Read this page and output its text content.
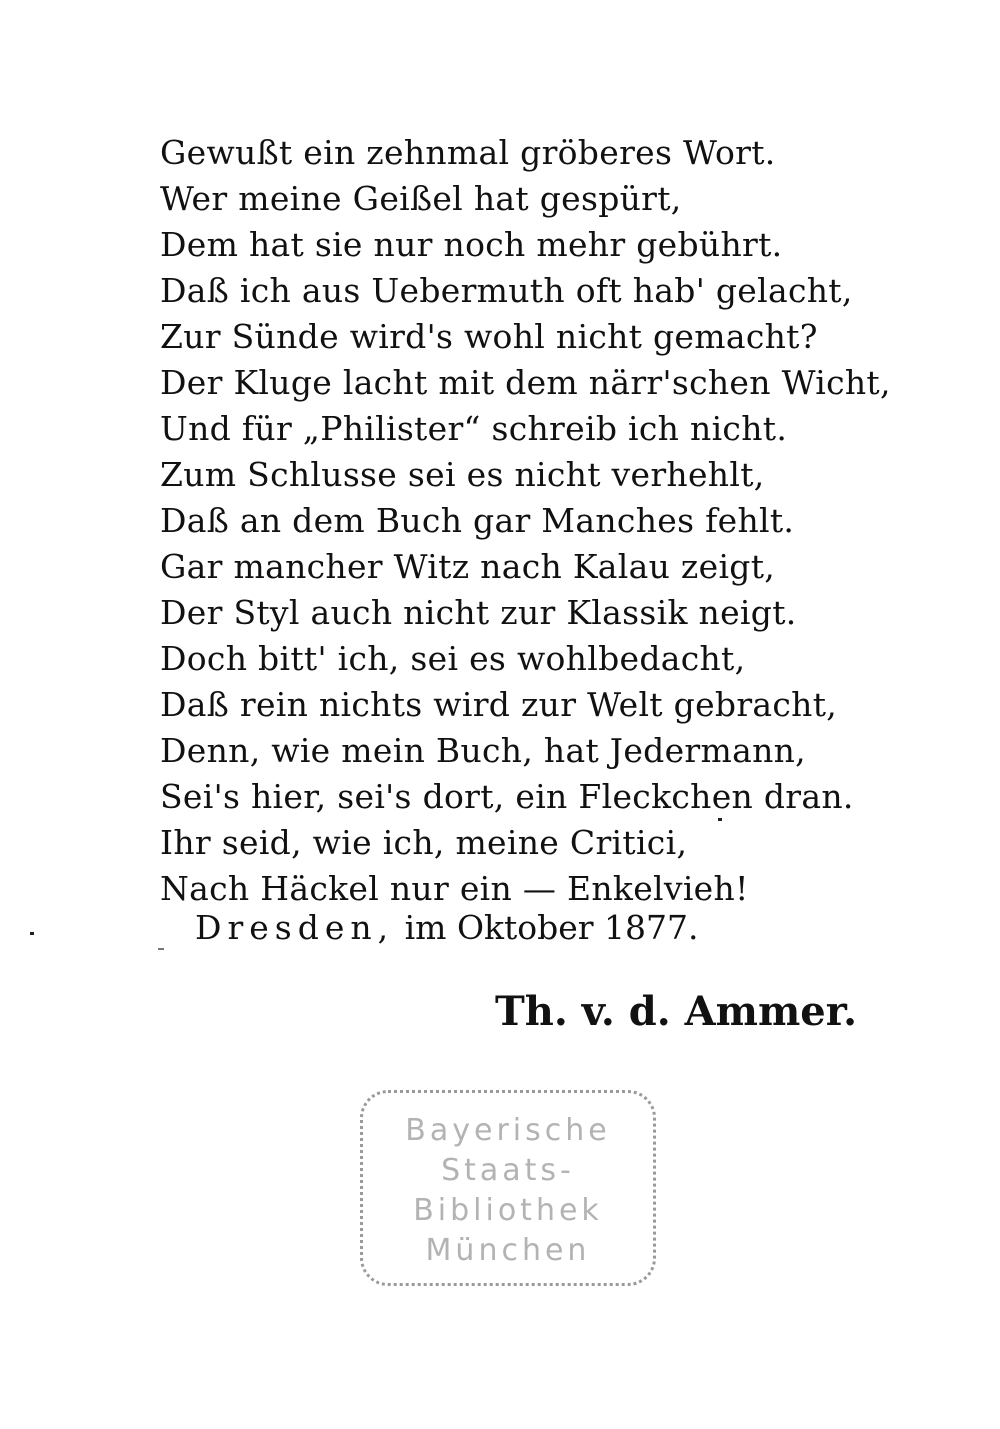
Gewußt ein zehnmal gröberes Wort.
Wer meine Geißel hat gespürt,
Dem hat sie nur noch mehr gebührt.
Daß ich aus Uebermuth oft hab' gelacht,
Zur Sünde wird's wohl nicht gemacht?
Der Kluge lacht mit dem närr'schen Wicht,
Und für „Philister“ schreib ich nicht.
Zum Schlusse sei es nicht verhehlt,
Daß an dem Buch gar Manches fehlt.
Gar mancher Witz nach Kalau zeigt,
Der Styl auch nicht zur Klassik neigt.
Doch bitt' ich, sei es wohlbedacht,
Daß rein nichts wird zur Welt gebracht,
Denn, wie mein Buch, hat Jedermann,
Sei's hier, sei's dort, ein Fleckchen dran.
Ihr seid, wie ich, meine Critici,
Nach Häckel nur ein — Enkelvieh!
Dresden, im Oktober 1877.
Th. v. d. Ammer.
Bayerische
Staats-
Bibliothek
München
